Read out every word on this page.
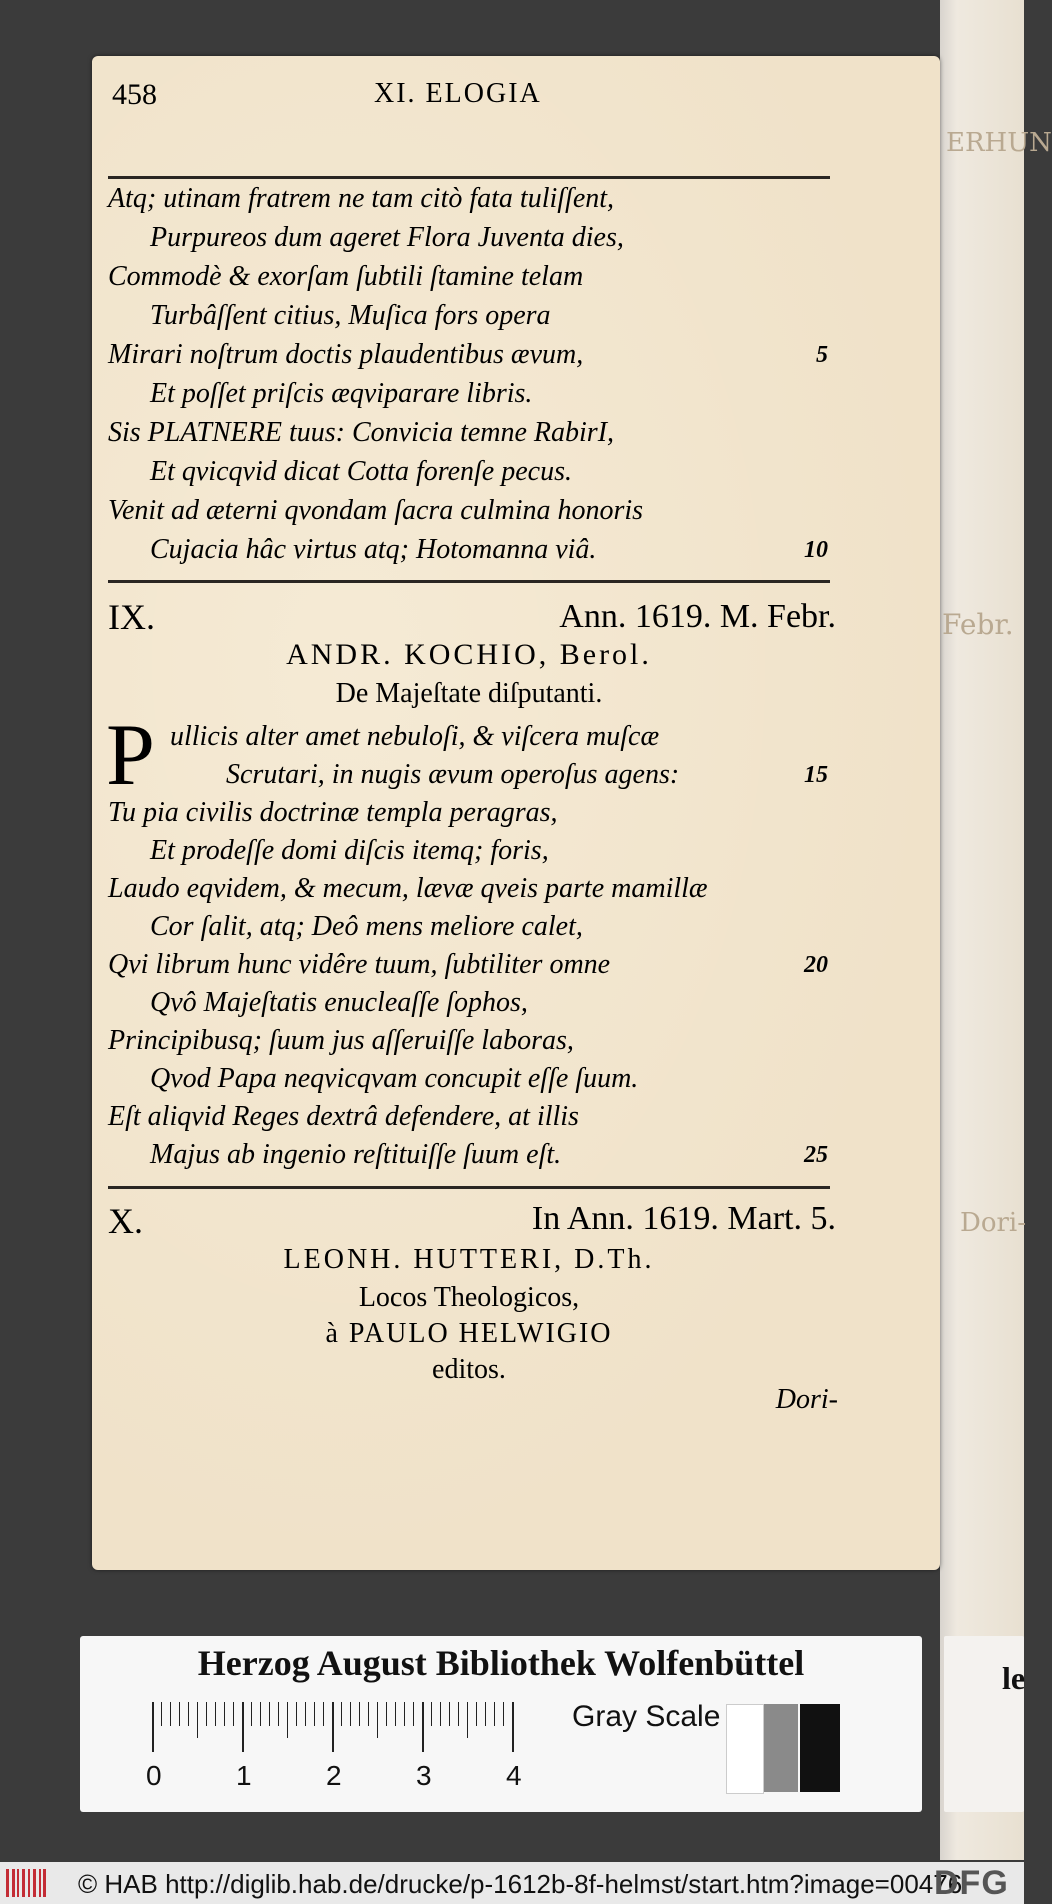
ERHUN
Febr.
Dori-
le
458	XI. ELOGIA
Atq; utinam fratrem ne tam citò fata tuliſſent,
Purpureos dum ageret Flora Juventa dies,
Commodè & exorſam ſubtili ſtamine telam
Turbâſſent citius, Muſica fors opera
Mirari noſtrum doctis plaudentibus ævum,
Et poſſet priſcis æqviparare libris.
Sis PLATNERE tuus: Convicia temne RabirI,
Et qvicqvid dicat Cotta forenſe pecus.
Venit ad æterni qvondam ſacra culmina honoris
Cujacia hâc virtus atq; Hotomanna viâ.
5
10
IX.	Ann. 1619. M. Febr.
ANDR. KOCHIO, Berol.
De Majeſtate diſputanti.
P ullicis alter amet nebuloſi, & viſcera muſcæ
Scrutari, in nugis ævum operoſus agens:
Tu pia civilis doctrinæ templa peragras,
Et prodeſſe domi diſcis itemq; foris,
Laudo eqvidem, & mecum, lævæ qveis parte mamillæ
Cor ſalit, atq; Deô mens meliore calet,
Qvi librum hunc vidêre tuum, ſubtiliter omne
Qvô Majeſtatis enucleaſſe ſophos,
Principibusq; ſuum jus aſſeruiſſe laboras,
Qvod Papa neqvicqvam concupit eſſe ſuum.
Eſt aliqvid Reges dextrâ defendere, at illis
Majus ab ingenio reſtituiſſe ſuum eſt.
15
20
25
X.	In Ann. 1619. Mart. 5.
LEONH. HUTTERI, D.Th.
Locos Theologicos,
à PAULO HELWIGIO
editos.
Dori-
Herzog August Bibliothek Wolfenbüttel
0	1	2	3	4
Gray Scale
© HAB http://diglib.hab.de/drucke/p-1612b-8f-helmst/start.htm?image=00476
DFG
